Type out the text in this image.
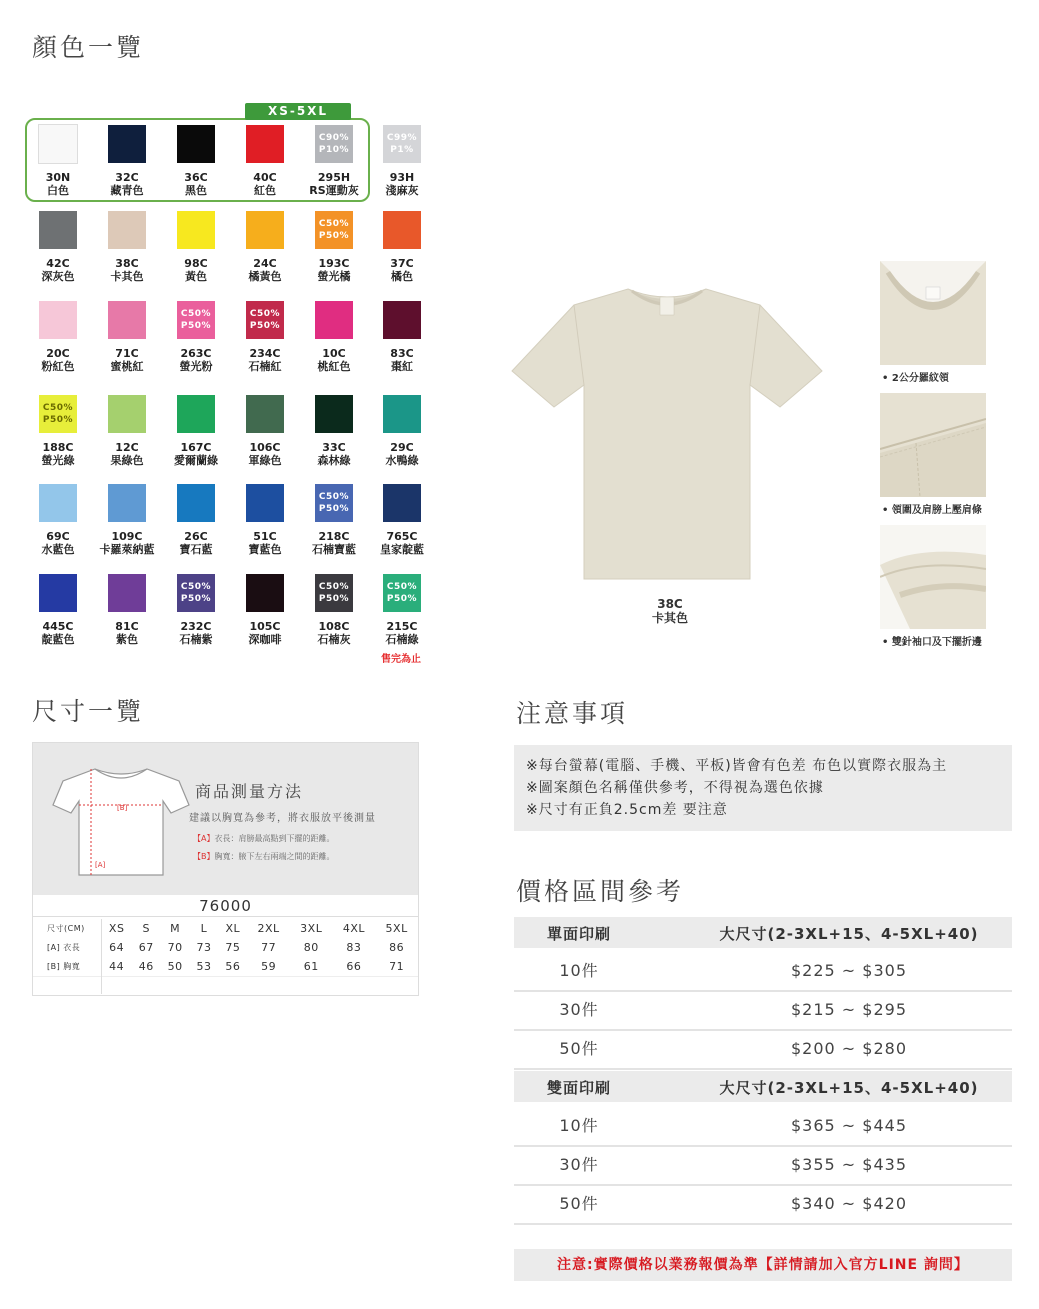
顏色一覽
尺寸一覽	注意事項
價格區間參考
XS-5XL
30N
白色
32C
藏青色
36C
黑色
40C
紅色
C90%
P10%
295H
RS運動灰
C99%
P1%
93H
淺麻灰
42C
深灰色
38C
卡其色
98C
黃色
24C
橘黃色
C50%
P50%
193C
螢光橘
37C
橘色
20C
粉紅色
71C
蜜桃紅
C50%
P50%
263C
螢光粉
C50%
P50%
234C
石楠紅
10C
桃紅色
83C
棗紅
C50%
P50%
188C
螢光綠
12C
果綠色
167C
愛爾蘭綠
106C
軍綠色
33C
森林綠
29C
水鴨綠
69C
水藍色
109C
卡羅萊納藍
26C
寶石藍
51C
寶藍色
C50%
P50%
218C
石楠寶藍
765C
皇家靛藍
445C
靛藍色
81C
紫色
C50%
P50%
232C
石楠紫
105C
深咖啡
C50%
P50%
108C
石楠灰
C50%
P50%
215C
石楠綠
售完為止
38C
卡其色
• 2公分羅紋領
• 領圍及肩膀上壓肩條
• 雙針袖口及下擺折邊
[B]
[A]
商品測量方法
建議以胸寬為參考，將衣服放平後測量
【A】衣長：肩膀最高點到下擺的距離。
【B】胸寬：腋下左右兩端之間的距離。
76000
尺寸(CM)	XS	S	M	L	XL	2XL	3XL	4XL	5XL
[A] 衣長	64	67	70	73	75	77	80	83	86
[B] 胸寬	44	46	50	53	56	59	61	66	71

※每台螢幕(電腦、手機、平板)皆會有色差 布色以實際衣服為主
※圖案顏色名稱僅供參考，不得視為選色依據
※尺寸有正負2.5cm差 要注意
單面印刷	大尺寸(2-3XL+15、4-5XL+40)
10件	$225 ~ $305
30件	$215 ~ $295
50件	$200 ~ $280
雙面印刷	大尺寸(2-3XL+15、4-5XL+40)
10件	$365 ~ $445
30件	$355 ~ $435
50件	$340 ~ $420
注意:實際價格以業務報價為準【詳情請加入官方LINE 詢問】
